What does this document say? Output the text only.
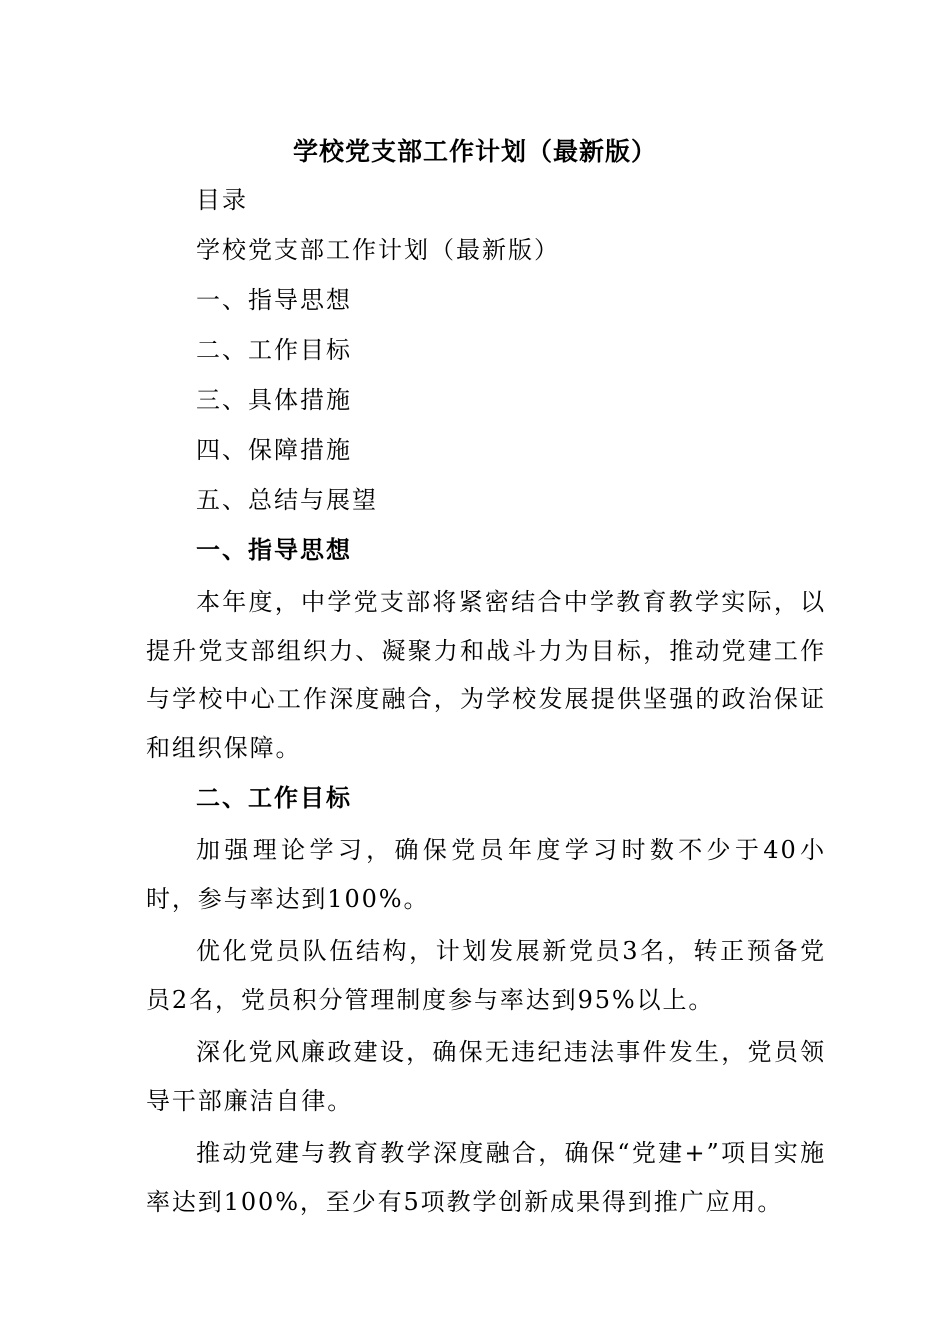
学校党支部工作计划（最新版）
目录
学校党支部工作计划（最新版）
一、指导思想
二、工作目标
三、具体措施
四、保障措施
五、总结与展望
一、指导思想
本年度，中学党支部将紧密结合中学教育教学实际，以提升党支部组织力、凝聚力和战斗力为目标，推动党建工作与学校中心工作深度融合，为学校发展提供坚强的政治保证和组织保障。
二、工作目标
加强理论学习，确保党员年度学习时数不少于40小时，参与率达到100%。
优化党员队伍结构，计划发展新党员3名，转正预备党员2名，党员积分管理制度参与率达到95%以上。
深化党风廉政建设，确保无违纪违法事件发生，党员领导干部廉洁自律。
推动党建与教育教学深度融合，确保“党建+”项目实施率达到100%，至少有5项教学创新成果得到推广应用。
